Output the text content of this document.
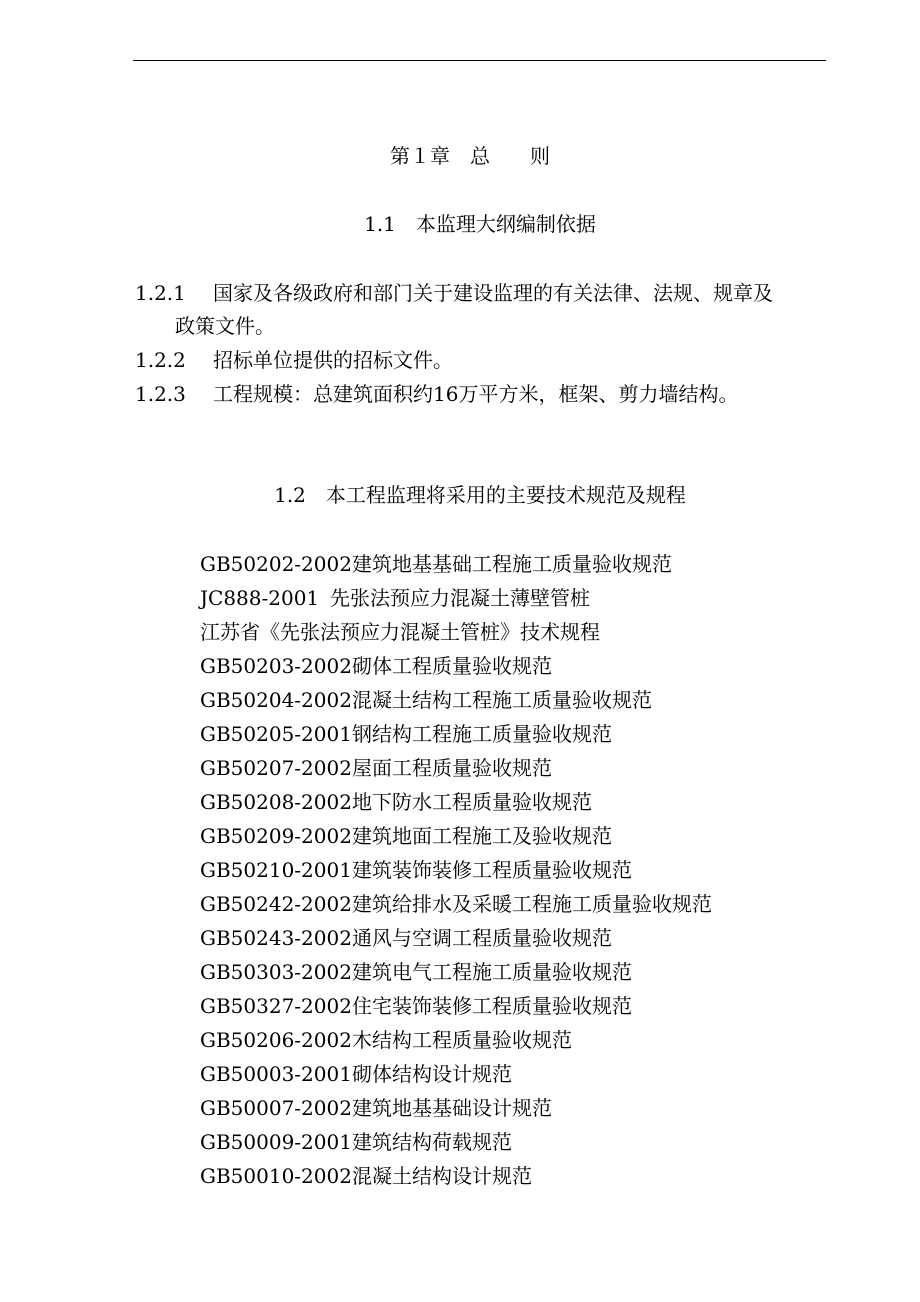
第１章　总　　则
1.1　本监理大纲编制依据
1.2.1 国家及各级政府和部门关于建设监理的有关法律、法规、规章及
政策文件。
1.2.2 招标单位提供的招标文件。
1.2.3 工程规模：总建筑面积约16万平方米，框架、剪力墙结构。
1.2　本工程监理将采用的主要技术规范及规程
GB50202-2002建筑地基基础工程施工质量验收规范
JC888-2001 先张法预应力混凝土薄壁管桩
江苏省《先张法预应力混凝土管桩》技术规程
GB50203-2002砌体工程质量验收规范
GB50204-2002混凝土结构工程施工质量验收规范
GB50205-2001钢结构工程施工质量验收规范
GB50207-2002屋面工程质量验收规范
GB50208-2002地下防水工程质量验收规范
GB50209-2002建筑地面工程施工及验收规范
GB50210-2001建筑装饰装修工程质量验收规范
GB50242-2002建筑给排水及采暖工程施工质量验收规范
GB50243-2002通风与空调工程质量验收规范
GB50303-2002建筑电气工程施工质量验收规范
GB50327-2002住宅装饰装修工程质量验收规范
GB50206-2002木结构工程质量验收规范
GB50003-2001砌体结构设计规范
GB50007-2002建筑地基基础设计规范
GB50009-2001建筑结构荷载规范
GB50010-2002混凝土结构设计规范
